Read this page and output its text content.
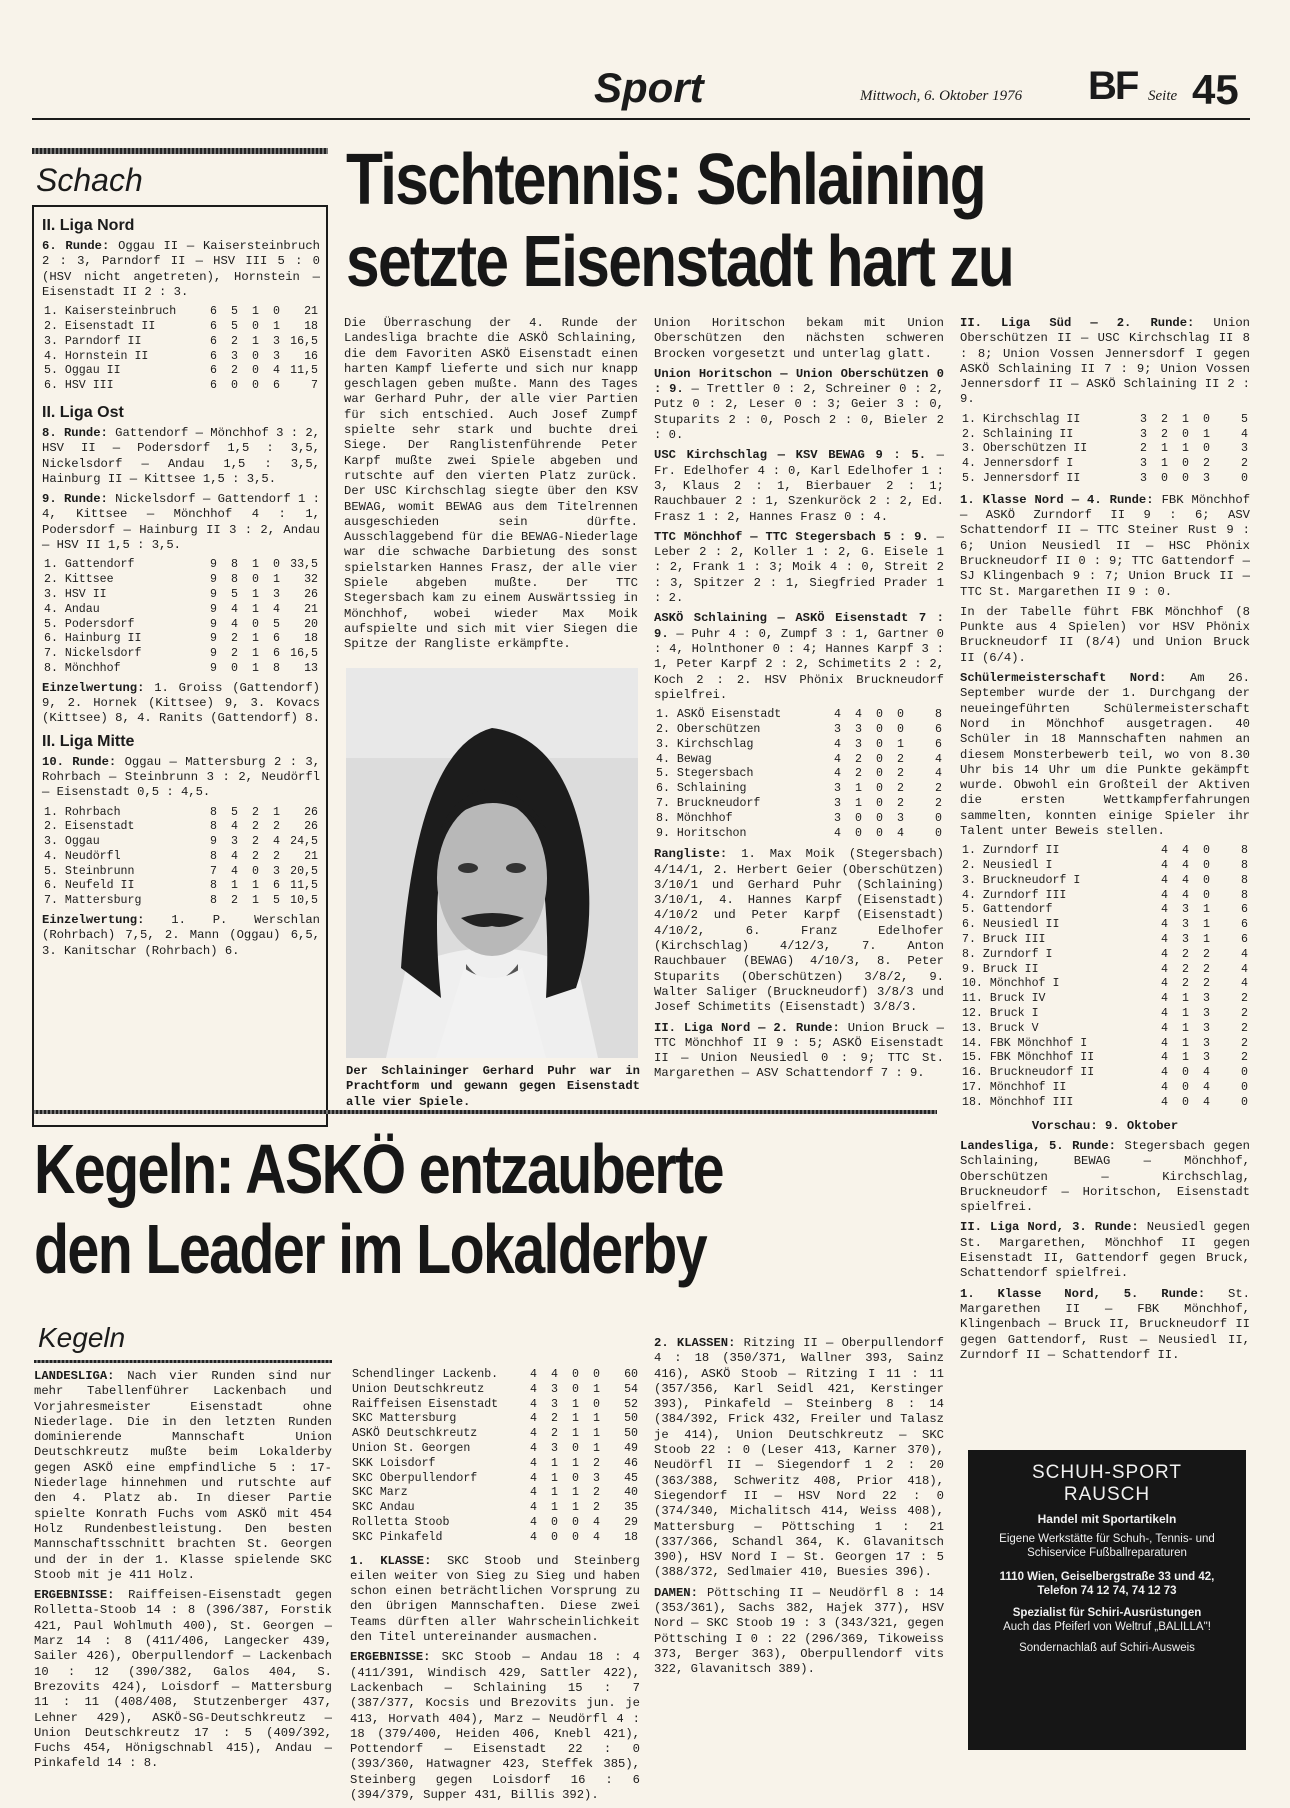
Sport	Mittwoch, 6. Oktober 1976 BF Seite 45
Schach
II. Liga Nord

6. Runde: Oggau II — Kaisersteinbruch 2 : 3, Parndorf II — HSV III 5 : 0 (HSV nicht angetreten), Hornstein — Eisenstadt II 2 : 3.

1. Kaisersteinbruch	6	5	1	0	21
2. Eisenstadt II	6	5	0	1	18
3. Parndorf II	6	2	1	3	16,5
4. Hornstein II	6	3	0	3	16
5. Oggau II	6	2	0	4	11,5
6. HSV III	6	0	0	6	7
II. Liga Ost

8. Runde: Gattendorf — Mönchhof 3 : 2, HSV II — Podersdorf 1,5 : 3,5, Nickelsdorf — Andau 1,5 : 3,5, Hainburg II — Kittsee 1,5 : 3,5.

9. Runde: Nickelsdorf — Gattendorf 1 : 4, Kittsee — Mönchhof 4 : 1, Podersdorf — Hainburg II 3 : 2, Andau — HSV II 1,5 : 3,5.

1. Gattendorf	9	8	1	0	33,5
2. Kittsee	9	8	0	1	32
3. HSV II	9	5	1	3	26
4. Andau	9	4	1	4	21
5. Podersdorf	9	4	0	5	20
6. Hainburg II	9	2	1	6	18
7. Nickelsdorf	9	2	1	6	16,5
8. Mönchhof	9	0	1	8	13

Einzelwertung: 1. Groiss (Gattendorf) 9, 2. Hornek (Kittsee) 9, 3. Kovacs (Kittsee) 8, 4. Ranits (Gattendorf) 8.

II. Liga Mitte

10. Runde: Oggau — Mattersburg 2 : 3, Rohrbach — Steinbrunn 3 : 2, Neudörfl — Eisenstadt 0,5 : 4,5.

1. Rohrbach	8	5	2	1	26
2. Eisenstadt	8	4	2	2	26
3. Oggau	9	3	2	4	24,5
4. Neudörfl	8	4	2	2	21
5. Steinbrunn	7	4	0	3	20,5
6. Neufeld II	8	1	1	6	11,5
7. Mattersburg	8	2	1	5	10,5

Einzelwertung: 1. P. Werschlan (Rohrbach) 7,5, 2. Mann (Oggau) 6,5, 3. Kanitschar (Rohrbach) 6.

Tischtennis: Schlaining
setzte Eisenstadt hart zu

Die Überraschung der 4. Runde der Landesliga brachte die ASKÖ Schlaining, die dem Favoriten ASKÖ Eisenstadt einen harten Kampf lieferte und sich nur knapp geschlagen geben mußte. Mann des Tages war Gerhard Puhr, der alle vier Partien für sich entschied. Auch Josef Zumpf spielte sehr stark und buchte drei Siege. Der Ranglistenführende Peter Karpf mußte zwei Spiele abgeben und rutschte auf den vierten Platz zurück. Der USC Kirchschlag siegte über den KSV BEWAG, womit BEWAG aus dem Titelrennen ausgeschieden sein dürfte. Ausschlaggebend für die BEWAG-Niederlage war die schwache Darbietung des sonst spielstarken Hannes Frasz, der alle vier Spiele abgeben mußte. Der TTC Stegersbach kam zu einem Auswärtssieg in Mönchhof, wobei wieder Max Moik aufspielte und sich mit vier Siegen die Spitze der Rangliste erkämpfte.

Der Schlaininger Gerhard Puhr war in Prachtform und gewann gegen Eisenstadt alle vier Spiele.

Union Horitschon bekam mit Union Oberschützen den nächsten schweren Brocken vorgesetzt und unterlag glatt.

Union Horitschon — Union Oberschützen 0 : 9. — Trettler 0 : 2, Schreiner 0 : 2, Putz 0 : 2, Leser 0 : 3; Geier 3 : 0, Stuparits 2 : 0, Posch 2 : 0, Bieler 2 : 0.

USC Kirchschlag — KSV BEWAG 9 : 5. — Fr. Edelhofer 4 : 0, Karl Edelhofer 1 : 3, Klaus 2 : 1, Bierbauer 2 : 1; Rauchbauer 2 : 1, Szenkuröck 2 : 2, Ed. Frasz 1 : 2, Hannes Frasz 0 : 4.

TTC Mönchhof — TTC Stegersbach 5 : 9. — Leber 2 : 2, Koller 1 : 2, G. Eisele 1 : 2, Frank 1 : 3; Moik 4 : 0, Streit 2 : 3, Spitzer 2 : 1, Siegfried Prader 1 : 2.

ASKÖ Schlaining — ASKÖ Eisenstadt 7 : 9. — Puhr 4 : 0, Zumpf 3 : 1, Gartner 0 : 4, Holnthoner 0 : 4; Hannes Karpf 3 : 1, Peter Karpf 2 : 2, Schimetits 2 : 2, Koch 2 : 2. HSV Phönix Bruckneudorf spielfrei.

1. ASKÖ Eisenstadt	4	4	0	0	8
2. Oberschützen	3	3	0	0	6
3. Kirchschlag	4	3	0	1	6
4. Bewag	4	2	0	2	4
5. Stegersbach	4	2	0	2	4
6. Schlaining	3	1	0	2	2
7. Bruckneudorf	3	1	0	2	2
8. Mönchhof	3	0	0	3	0
9. Horitschon	4	0	0	4	0

Rangliste: 1. Max Moik (Stegersbach) 4/14/1, 2. Herbert Geier (Oberschützen) 3/10/1 und Gerhard Puhr (Schlaining) 3/10/1, 4. Hannes Karpf (Eisenstadt) 4/10/2 und Peter Karpf (Eisenstadt) 4/10/2, 6. Franz Edelhofer (Kirchschlag) 4/12/3, 7. Anton Rauchbauer (BEWAG) 4/10/3, 8. Peter Stuparits (Oberschützen) 3/8/2, 9. Walter Saliger (Bruckneudorf) 3/8/3 und Josef Schimetits (Eisenstadt) 3/8/3.

II. Liga Nord — 2. Runde: Union Bruck — TTC Mönchhof II 9 : 5; ASKÖ Eisenstadt II — Union Neusiedl 0 : 9; TTC St. Margarethen — ASV Schattendorf 7 : 9.

II. Liga Süd — 2. Runde: Union Oberschützen II — USC Kirchschlag II 8 : 8; Union Vossen Jennersdorf I gegen ASKÖ Schlaining II 7 : 9; Union Vossen Jennersdorf II — ASKÖ Schlaining II 2 : 9.

1. Kirchschlag II	3	2	1	0	5
2. Schlaining II	3	2	0	1	4
3. Oberschützen II	2	1	1	0	3
4. Jennersdorf I	3	1	0	2	2
5. Jennersdorf II	3	0	0	3	0

1. Klasse Nord — 4. Runde: FBK Mönchhof — ASKÖ Zurndorf II 9 : 6; ASV Schattendorf II — TTC Steiner Rust 9 : 6; Union Neusiedl II — HSC Phönix Bruckneudorf II 0 : 9; TTC Gattendorf — SJ Klingenbach 9 : 7; Union Bruck II — TTC St. Margarethen II 9 : 0.

In der Tabelle führt FBK Mönchhof (8 Punkte aus 4 Spielen) vor HSV Phönix Bruckneudorf II (8/4) und Union Bruck II (6/4).

Schülermeisterschaft Nord: Am 26. September wurde der 1. Durchgang der neueingeführten Schülermeisterschaft Nord in Mönchhof ausgetragen. 40 Schüler in 18 Mannschaften nahmen an diesem Monsterbewerb teil, wo von 8.30 Uhr bis 14 Uhr um die Punkte gekämpft wurde. Obwohl ein Großteil der Aktiven die ersten Wettkampferfahrungen sammelten, konnten einige Spieler ihr Talent unter Beweis stellen.

1. Zurndorf II	4	4	0	8
2. Neusiedl I	4	4	0	8
3. Bruckneudorf I	4	4	0	8
4. Zurndorf III	4	4	0	8
5. Gattendorf	4	3	1	6
6. Neusiedl II	4	3	1	6
7. Bruck III	4	3	1	6
8. Zurndorf I	4	2	2	4
9. Bruck II	4	2	2	4
10. Mönchhof I	4	2	2	4
11. Bruck IV	4	1	3	2
12. Bruck I	4	1	3	2
13. Bruck V	4	1	3	2
14. FBK Mönchhof I	4	1	3	2
15. FBK Mönchhof II	4	1	3	2
16. Bruckneudorf II	4	0	4	0
17. Mönchhof II	4	0	4	0
18. Mönchhof III	4	0	4	0

Vorschau: 9. Oktober

Landesliga, 5. Runde: Stegersbach gegen Schlaining, BEWAG — Mönchhof, Oberschützen — Kirchschlag, Bruckneudorf — Horitschon, Eisenstadt spielfrei.

II. Liga Nord, 3. Runde: Neusiedl gegen St. Margarethen, Mönchhof II gegen Eisenstadt II, Gattendorf gegen Bruck, Schattendorf spielfrei.

1. Klasse Nord, 5. Runde: St. Margarethen II — FBK Mönchhof, Klingenbach — Bruck II, Bruckneudorf II gegen Gattendorf, Rust — Neusiedl II, Zurndorf II — Schattendorf II.

Kegeln: ASKÖ entzauberte
den Leader im Lokalderby
Kegeln

LANDESLIGA: Nach vier Runden sind nur mehr Tabellenführer Lackenbach und Vorjahresmeister Eisenstadt ohne Niederlage. Die in den letzten Runden dominierende Mannschaft Union Deutschkreutz mußte beim Lokalderby gegen ASKÖ eine empfindliche 5 : 17-Niederlage hinnehmen und rutschte auf den 4. Platz ab. In dieser Partie spielte Konrath Fuchs vom ASKÖ mit 454 Holz Rundenbestleistung. Den besten Mannschaftsschnitt brachten St. Georgen und der in der 1. Klasse spielende SKC Stoob mit je 411 Holz.

ERGEBNISSE: Raiffeisen-Eisenstadt gegen Rolletta-Stoob 14 : 8 (396/387, Forstik 421, Paul Wohlmuth 400), St. Georgen — Marz 14 : 8 (411/406, Langecker 439, Sailer 426), Oberpullendorf — Lackenbach 10 : 12 (390/382, Galos 404, S. Brezovits 424), Loisdorf — Mattersburg 11 : 11 (408/408, Stutzenberger 437, Lehner 429), ASKÖ-SG-Deutschkreutz — Union Deutschkreutz 17 : 5 (409/392, Fuchs 454, Hönigschnabl 415), Andau — Pinkafeld 14 : 8.

Schendlinger Lackenb.	4	4	0	0	60
Union Deutschkreutz	4	3	0	1	54
Raiffeisen Eisenstadt	4	3	1	0	52
SKC Mattersburg	4	2	1	1	50
ASKÖ Deutschkreutz	4	2	1	1	50
Union St. Georgen	4	3	0	1	49
SKK Loisdorf	4	1	1	2	46
SKC Oberpullendorf	4	1	0	3	45
SKC Marz	4	1	1	2	40
SKC Andau	4	1	1	2	35
Rolletta Stoob	4	0	0	4	29
SKC Pinkafeld	4	0	0	4	18

1. KLASSE: SKC Stoob und Steinberg eilen weiter von Sieg zu Sieg und haben schon einen beträchtlichen Vorsprung zu den übrigen Mannschaften. Diese zwei Teams dürften aller Wahrscheinlichkeit den Titel untereinander ausmachen.

ERGEBNISSE: SKC Stoob — Andau 18 : 4 (411/391, Windisch 429, Sattler 422), Lackenbach — Schlaining 15 : 7 (387/377, Kocsis und Brezovits jun. je 413, Horvath 404), Marz — Neudörfl 4 : 18 (379/400, Heiden 406, Knebl 421), Pottendorf — Eisenstadt 22 : 0 (393/360, Hatwagner 423, Steffek 385), Steinberg gegen Loisdorf 16 : 6 (394/379, Supper 431, Billis 392).

2. KLASSEN: Ritzing II — Oberpullendorf 4 : 18 (350/371, Wallner 393, Sainz 416), ASKÖ Stoob — Ritzing I 11 : 11 (357/356, Karl Seidl 421, Kerstinger 393), Pinkafeld — Steinberg 8 : 14 (384/392, Frick 432, Freiler und Talasz je 414), Union Deutschkreutz — SKC Stoob 22 : 0 (Leser 413, Karner 370), Neudörfl II — Siegendorf 1 2 : 20 (363/388, Schweritz 408, Prior 418), Siegendorf II — HSV Nord 22 : 0 (374/340, Michalitsch 414, Weiss 408), Mattersburg — Pöttsching 1 : 21 (337/366, Schandl 364, K. Glavanitsch 390), HSV Nord I — St. Georgen 17 : 5 (388/372, Sedlmaier 410, Buesies 396).

DAMEN: Pöttsching II — Neudörfl 8 : 14 (353/361), Sachs 382, Hajek 377), HSV Nord — SKC Stoob 19 : 3 (343/321, gegen Pöttsching I 0 : 22 (296/369, Tikoweiss 373, Berger 363), Oberpullendorf vits 322, Glavanitsch 389).

SCHUH-SPORT
RAUSCH
Handel mit Sportartikeln
Eigene Werkstätte für Schuh-, Tennis- und Schiservice Fußballreparaturen
1110 Wien, Geiselbergstraße 33 und 42, Telefon 74 12 74, 74 12 73
Spezialist für Schiri-Ausrüstungen
Auch das Pfeiferl von Weltruf „BALILLA"!
Sondernachlaß auf Schiri-Ausweis
